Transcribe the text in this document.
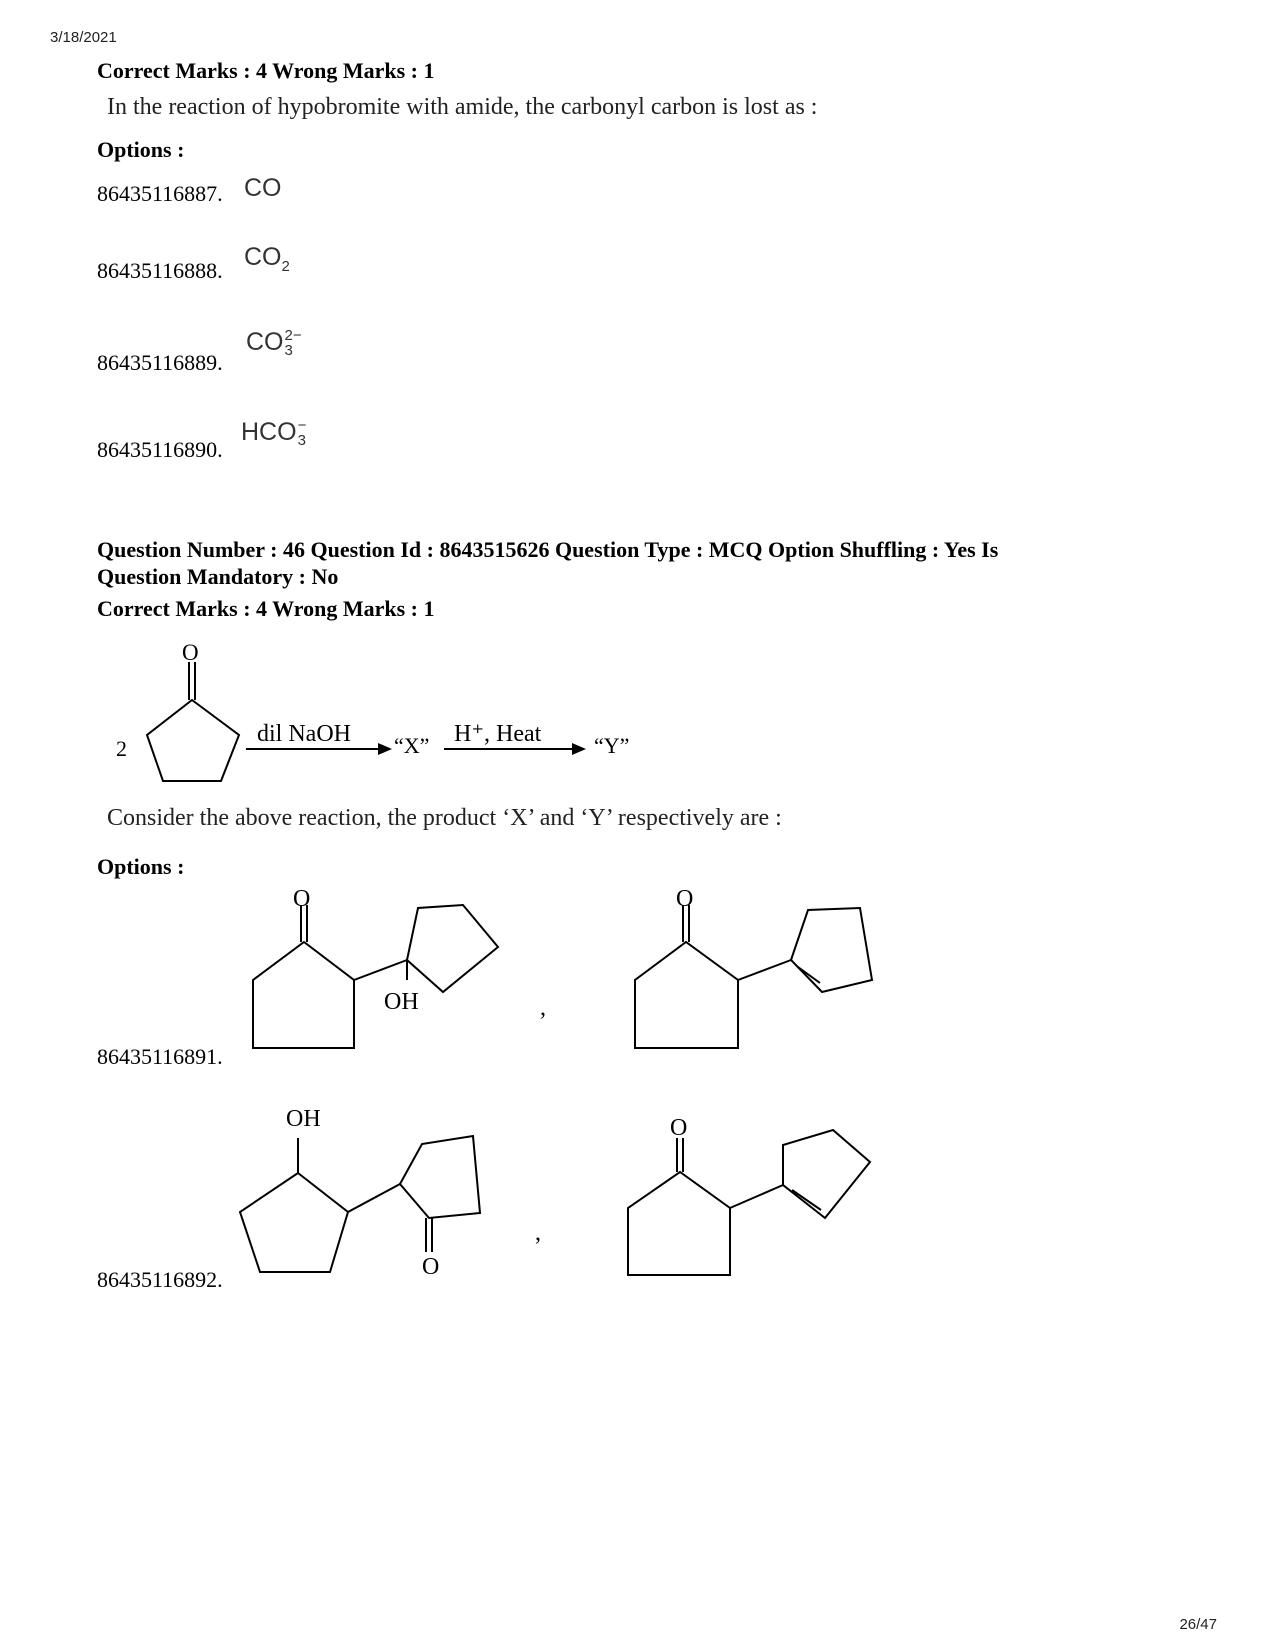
3/18/2021
Correct Marks : 4 Wrong Marks : 1
In the reaction of hypobromite with amide, the carbonyl carbon is lost as :
Options :
86435116887. CO
86435116888. $CO_2$
86435116889.
CO 2−
3
86435116890.
HCO −
3
Question Number : 46 Question Id : 8643515626 Question Type : MCQ Option Shuffling : Yes Is
Question Mandatory : No
Correct Marks : 4 Wrong Marks : 1
2
O
dil NaOH “X” H⁺, Heat “Y”
Consider the above reaction, the product ‘X’ and ‘Y’ respectively are :
Options :
86435116891.
O
OH	,
O
86435116892.
OH
O
,
O
26/47
